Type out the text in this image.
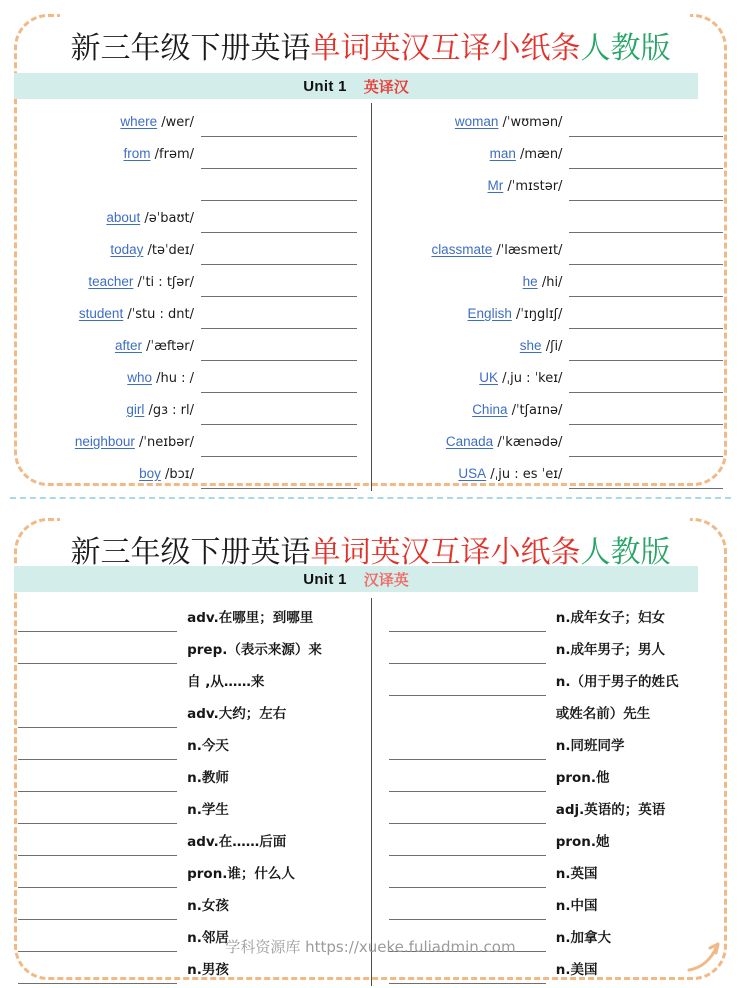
新三年级下册英语单词英汉互译小纸条人教版
Unit 1 英译汉
where /wer/
from /frəm/
about /əˈbaʊt/
today /təˈdeɪ/
teacher /ˈti : tʃər/
student /ˈstu : dnt/
after /ˈæftər/
who /hu : /
girl /gɜ : rl/
neighbour /ˈneɪbər/
boy /bɔɪ/
woman /ˈwʊmən/
man /mæn/
Mr /ˈmɪstər/
classmate /ˈlæsmeɪt/
he /hi/
English /ˈɪŋglɪʃ/
she /ʃi/
UK /ˌju : ˈkeɪ/
China /ˈtʃaɪnə/
Canada /ˈkænədə/
USA /ˌju : es ˈeɪ/
新三年级下册英语单词英汉互译小纸条人教版
Unit 1 汉译英
adv.在哪里；到哪里
prep.（表示来源）来
自 ,从……来
adv.大约；左右
n.今天
n.教师
n.学生
adv.在……后面
pron.谁；什么人
n.女孩
n.邻居
n.男孩
n.成年女子；妇女
n.成年男子；男人
n.（用于男子的姓氏
或姓名前）先生
n.同班同学
pron.他
adj.英语的；英语
pron.她
n.英国
n.中国
n.加拿大
n.美国
学科资源库 https://xueke.fuliadmin.com
